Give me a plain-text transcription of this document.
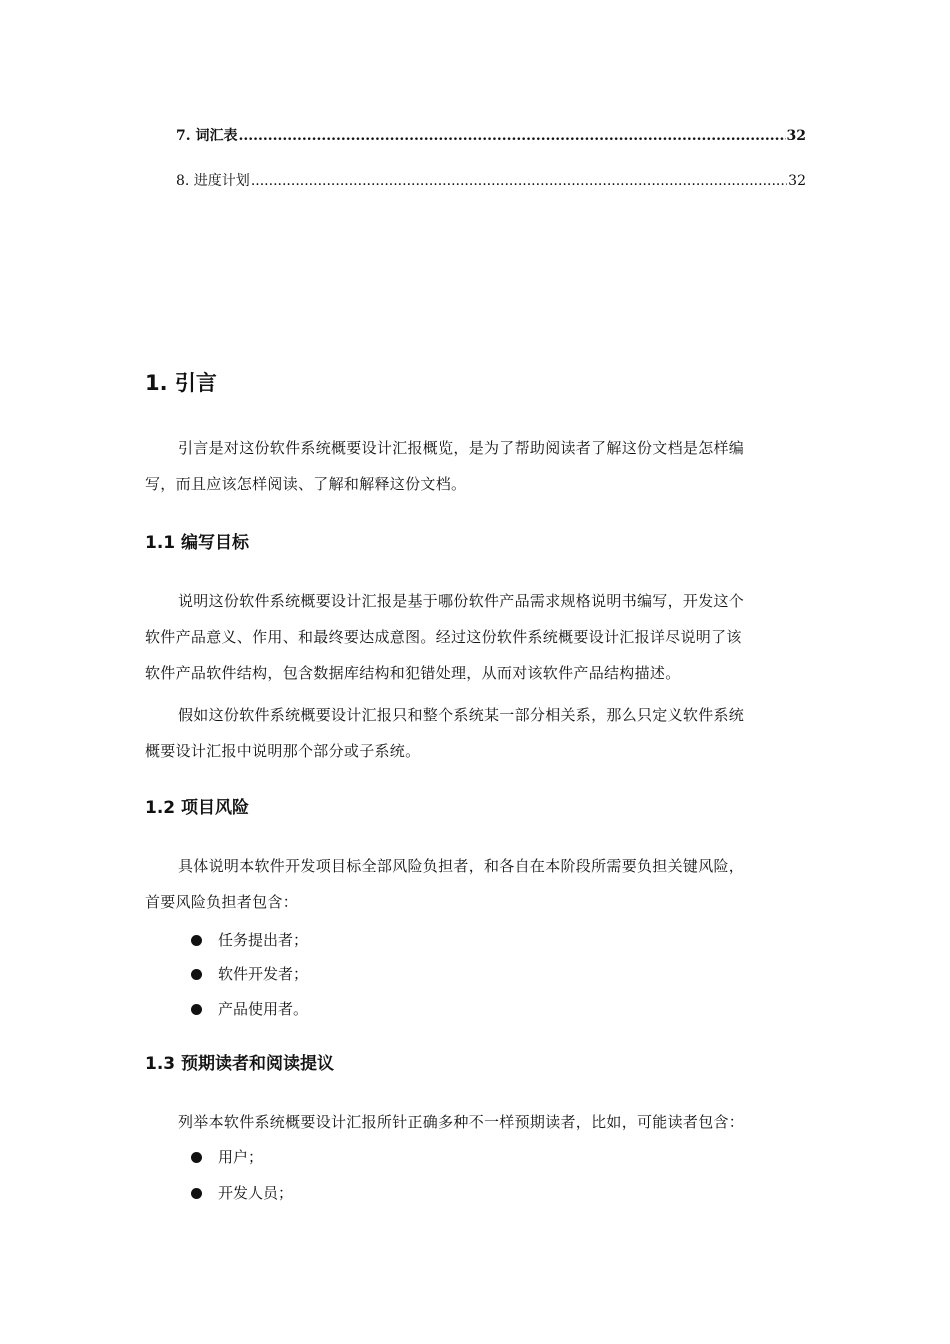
7. 词汇表 .....	32
8. 进度计划 .....	32
1. 引言
引言是对这份软件系统概要设计汇报概览，是为了帮助阅读者了解这份文档是怎样编
写，而且应该怎样阅读、了解和解释这份文档。
1.1 编写目标
说明这份软件系统概要设计汇报是基于哪份软件产品需求规格说明书编写，开发这个
软件产品意义、作用、和最终要达成意图。经过这份软件系统概要设计汇报详尽说明了该
软件产品软件结构，包含数据库结构和犯错处理，从而对该软件产品结构描述。
假如这份软件系统概要设计汇报只和整个系统某一部分相关系，那么只定义软件系统
概要设计汇报中说明那个部分或子系统。
1.2 项目风险
具体说明本软件开发项目标全部风险负担者，和各自在本阶段所需要负担关键风险，
首要风险负担者包含：
任务提出者；
软件开发者；
产品使用者。
1.3 预期读者和阅读提议
列举本软件系统概要设计汇报所针正确多种不一样预期读者，比如，可能读者包含：
用户；
开发人员；
